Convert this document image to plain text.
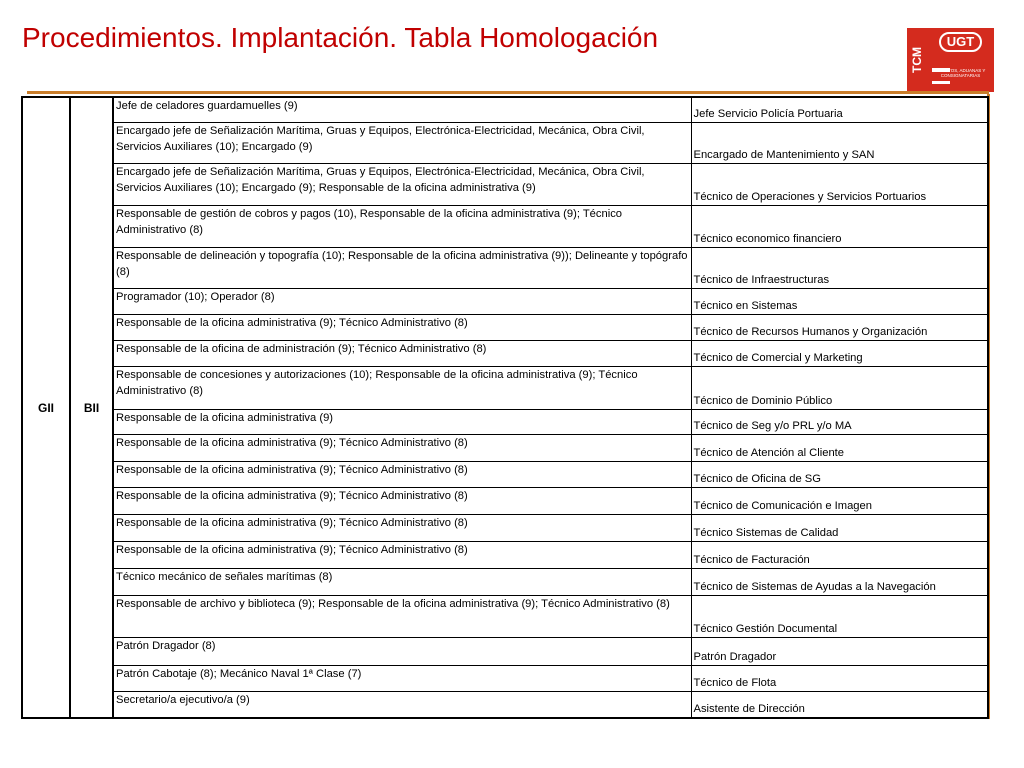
Procedimientos. Implantación. Tabla Homologación
TCM
UGT
PUERTOS, ADUANAS Y CONSIGNATARIAS
GII	BII	Jefe de celadores guardamuelles (9)	Jefe Servicio Policía Portuaria
		Encargado jefe de Señalización Marítima, Gruas y Equipos, Electrónica-Electricidad, Mecánica, Obra Civil, Servicios Auxiliares (10); Encargado (9)	Encargado de Mantenimiento y SAN
		Encargado jefe de Señalización Marítima, Gruas y Equipos, Electrónica-Electricidad, Mecánica, Obra Civil, Servicios Auxiliares (10); Encargado (9); Responsable de la oficina administrativa (9)	Técnico de Operaciones y Servicios Portuarios
		Responsable de gestión de cobros y pagos (10), Responsable de la oficina administrativa (9); Técnico Administrativo (8)	Técnico economico financiero
		Responsable de delineación y topografía (10); Responsable de la oficina administrativa (9)); Delineante y topógrafo (8)	Técnico de Infraestructuras
		Programador (10); Operador (8)	Técnico en Sistemas
		Responsable de la oficina administrativa (9); Técnico Administrativo (8)	Técnico de Recursos Humanos y Organización
		Responsable de la oficina de administración (9); Técnico Administrativo (8)	Técnico de Comercial y Marketing
		Responsable de concesiones y autorizaciones (10); Responsable de la oficina administrativa (9); Técnico Administrativo (8)	Técnico de Dominio Público
		Responsable de la oficina administrativa (9)	Técnico de Seg y/o PRL y/o MA
		Responsable de la oficina administrativa (9); Técnico Administrativo (8)	Técnico de Atención al Cliente
		Responsable de la oficina administrativa (9); Técnico Administrativo (8)	Técnico de Oficina de SG
		Responsable de la oficina administrativa (9); Técnico Administrativo (8)	Técnico de Comunicación e Imagen
		Responsable de la oficina administrativa (9); Técnico Administrativo (8)	Técnico Sistemas de Calidad
		Responsable de la oficina administrativa (9); Técnico Administrativo (8)	Técnico de Facturación
		Técnico mecánico de señales marítimas (8)	Técnico de Sistemas de Ayudas a la Navegación
		Responsable de archivo y biblioteca (9); Responsable de la oficina administrativa (9); Técnico Administrativo (8)	Técnico Gestión Documental
		Patrón Dragador (8)	Patrón Dragador
		Patrón Cabotaje (8); Mecánico Naval 1ª Clase (7)	Técnico de Flota
		Secretario/a ejecutivo/a (9)	Asistente de Dirección
